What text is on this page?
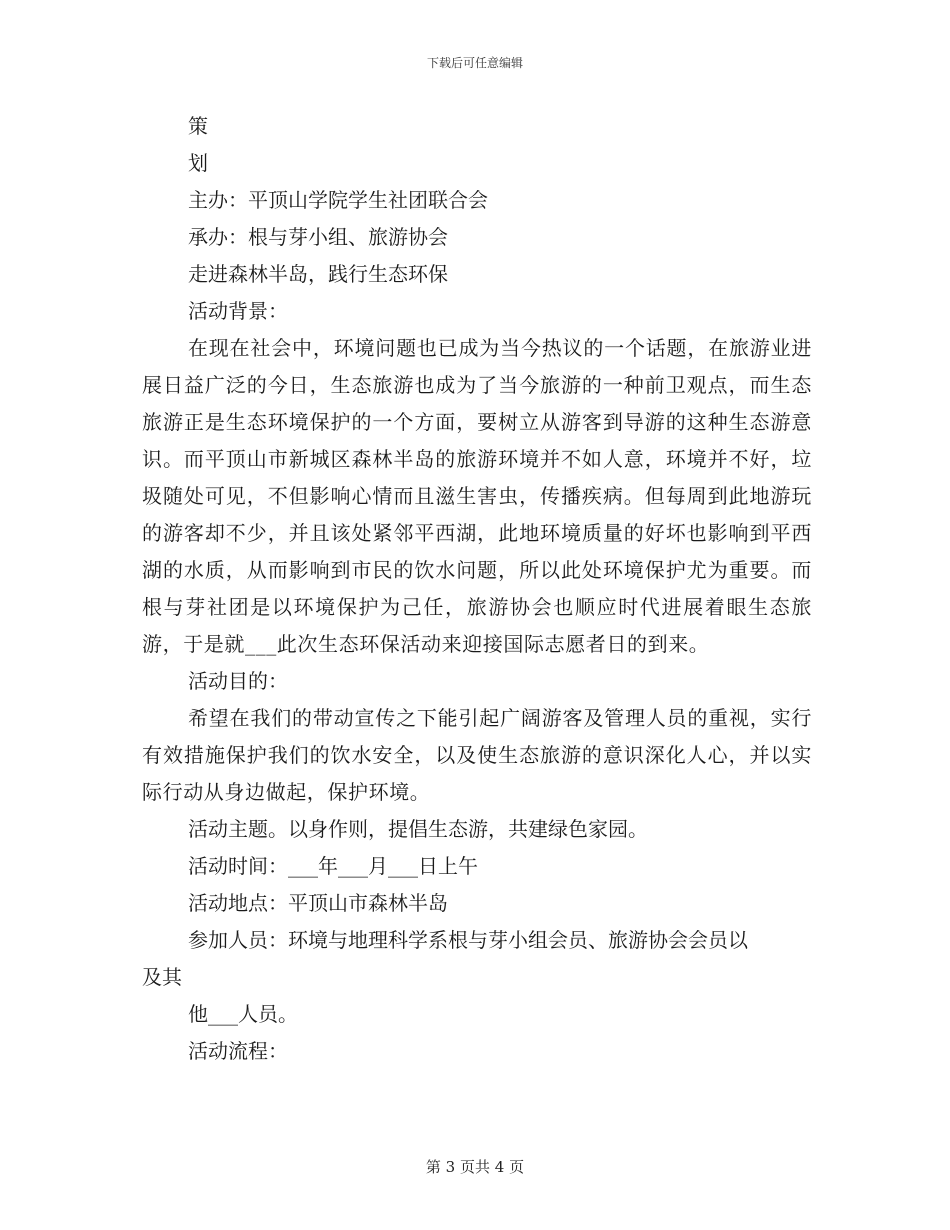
下载后可任意编辑
策
划
主办：平顶山学院学生社团联合会
承办：根与芽小组、旅游协会
走进森林半岛，践行生态环保
活动背景：
在现在社会中，环境问题也已成为当今热议的一个话题，在旅游业进展日益广泛的今日，生态旅游也成为了当今旅游的一种前卫观点，而生态旅游正是生态环境保护的一个方面，要树立从游客到导游的这种生态游意识。而平顶山市新城区森林半岛的旅游环境并不如人意，环境并不好，垃圾随处可见，不但影响心情而且滋生害虫，传播疾病。但每周到此地游玩的游客却不少，并且该处紧邻平西湖，此地环境质量的好坏也影响到平西湖的水质，从而影响到市民的饮水问题，所以此处环境保护尤为重要。而根与芽社团是以环境保护为己任，旅游协会也顺应时代进展着眼生态旅游，于是就___此次生态环保活动来迎接国际志愿者日的到来。
活动目的：
希望在我们的带动宣传之下能引起广阔游客及管理人员的重视，实行有效措施保护我们的饮水安全，以及使生态旅游的意识深化人心，并以实际行动从身边做起，保护环境。
活动主题。以身作则，提倡生态游，共建绿色家园。
活动时间：___年___月___日上午
活动地点：平顶山市森林半岛
参加人员：环境与地理科学系根与芽小组会员、旅游协会会员以
及其
他___人员。
活动流程：
第 3 页共 4 页
